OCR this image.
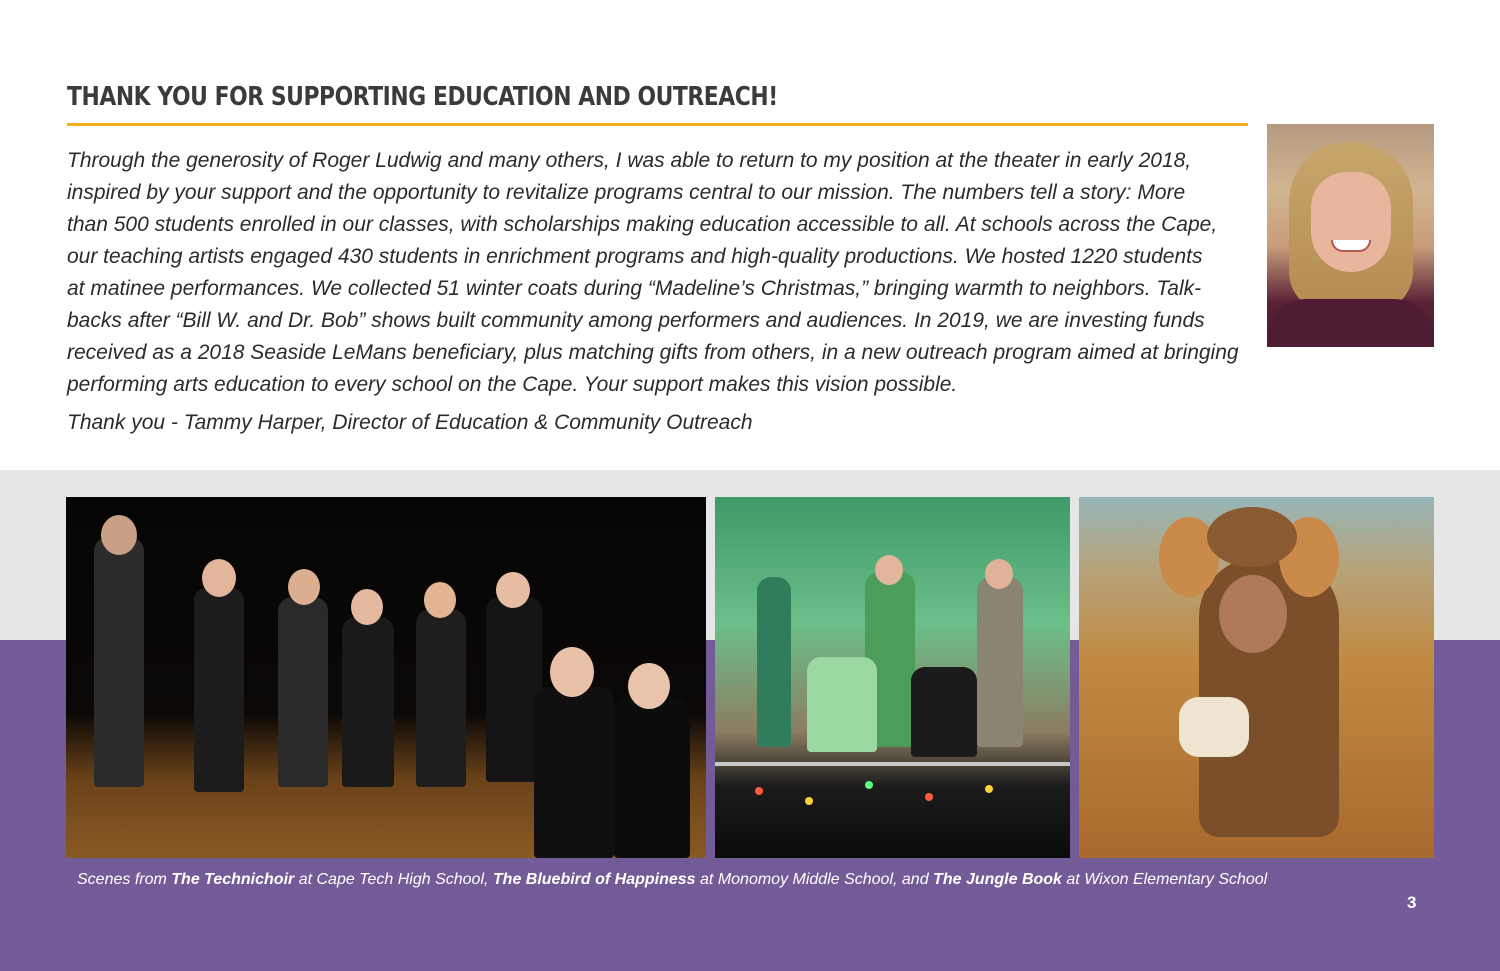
THANK YOU FOR SUPPORTING EDUCATION AND OUTREACH!
Through the generosity of Roger Ludwig and many others, I was able to return to my position at the theater in early 2018,
inspired by your support and the opportunity to revitalize programs central to our mission. The numbers tell a story: More
than 500 students enrolled in our classes, with scholarships making education accessible to all. At schools across the Cape,
our teaching artists engaged 430 students in enrichment programs and high-quality productions. We hosted 1220 students
at matinee performances. We collected 51 winter coats during “Madeline’s Christmas,” bringing warmth to neighbors. Talk-
backs after “Bill W. and Dr. Bob” shows built community among performers and audiences. In 2019, we are investing funds
received as a 2018 Seaside LeMans beneficiary, plus matching gifts from others, in a new outreach program aimed at bringing
performing arts education to every school on the Cape. Your support makes this vision possible.
Thank you - Tammy Harper, Director of Education & Community Outreach
Scenes from The Technichoir at Cape Tech High School, The Bluebird of Happiness at Monomoy Middle School, and The Jungle Book at Wixon Elementary School
3
